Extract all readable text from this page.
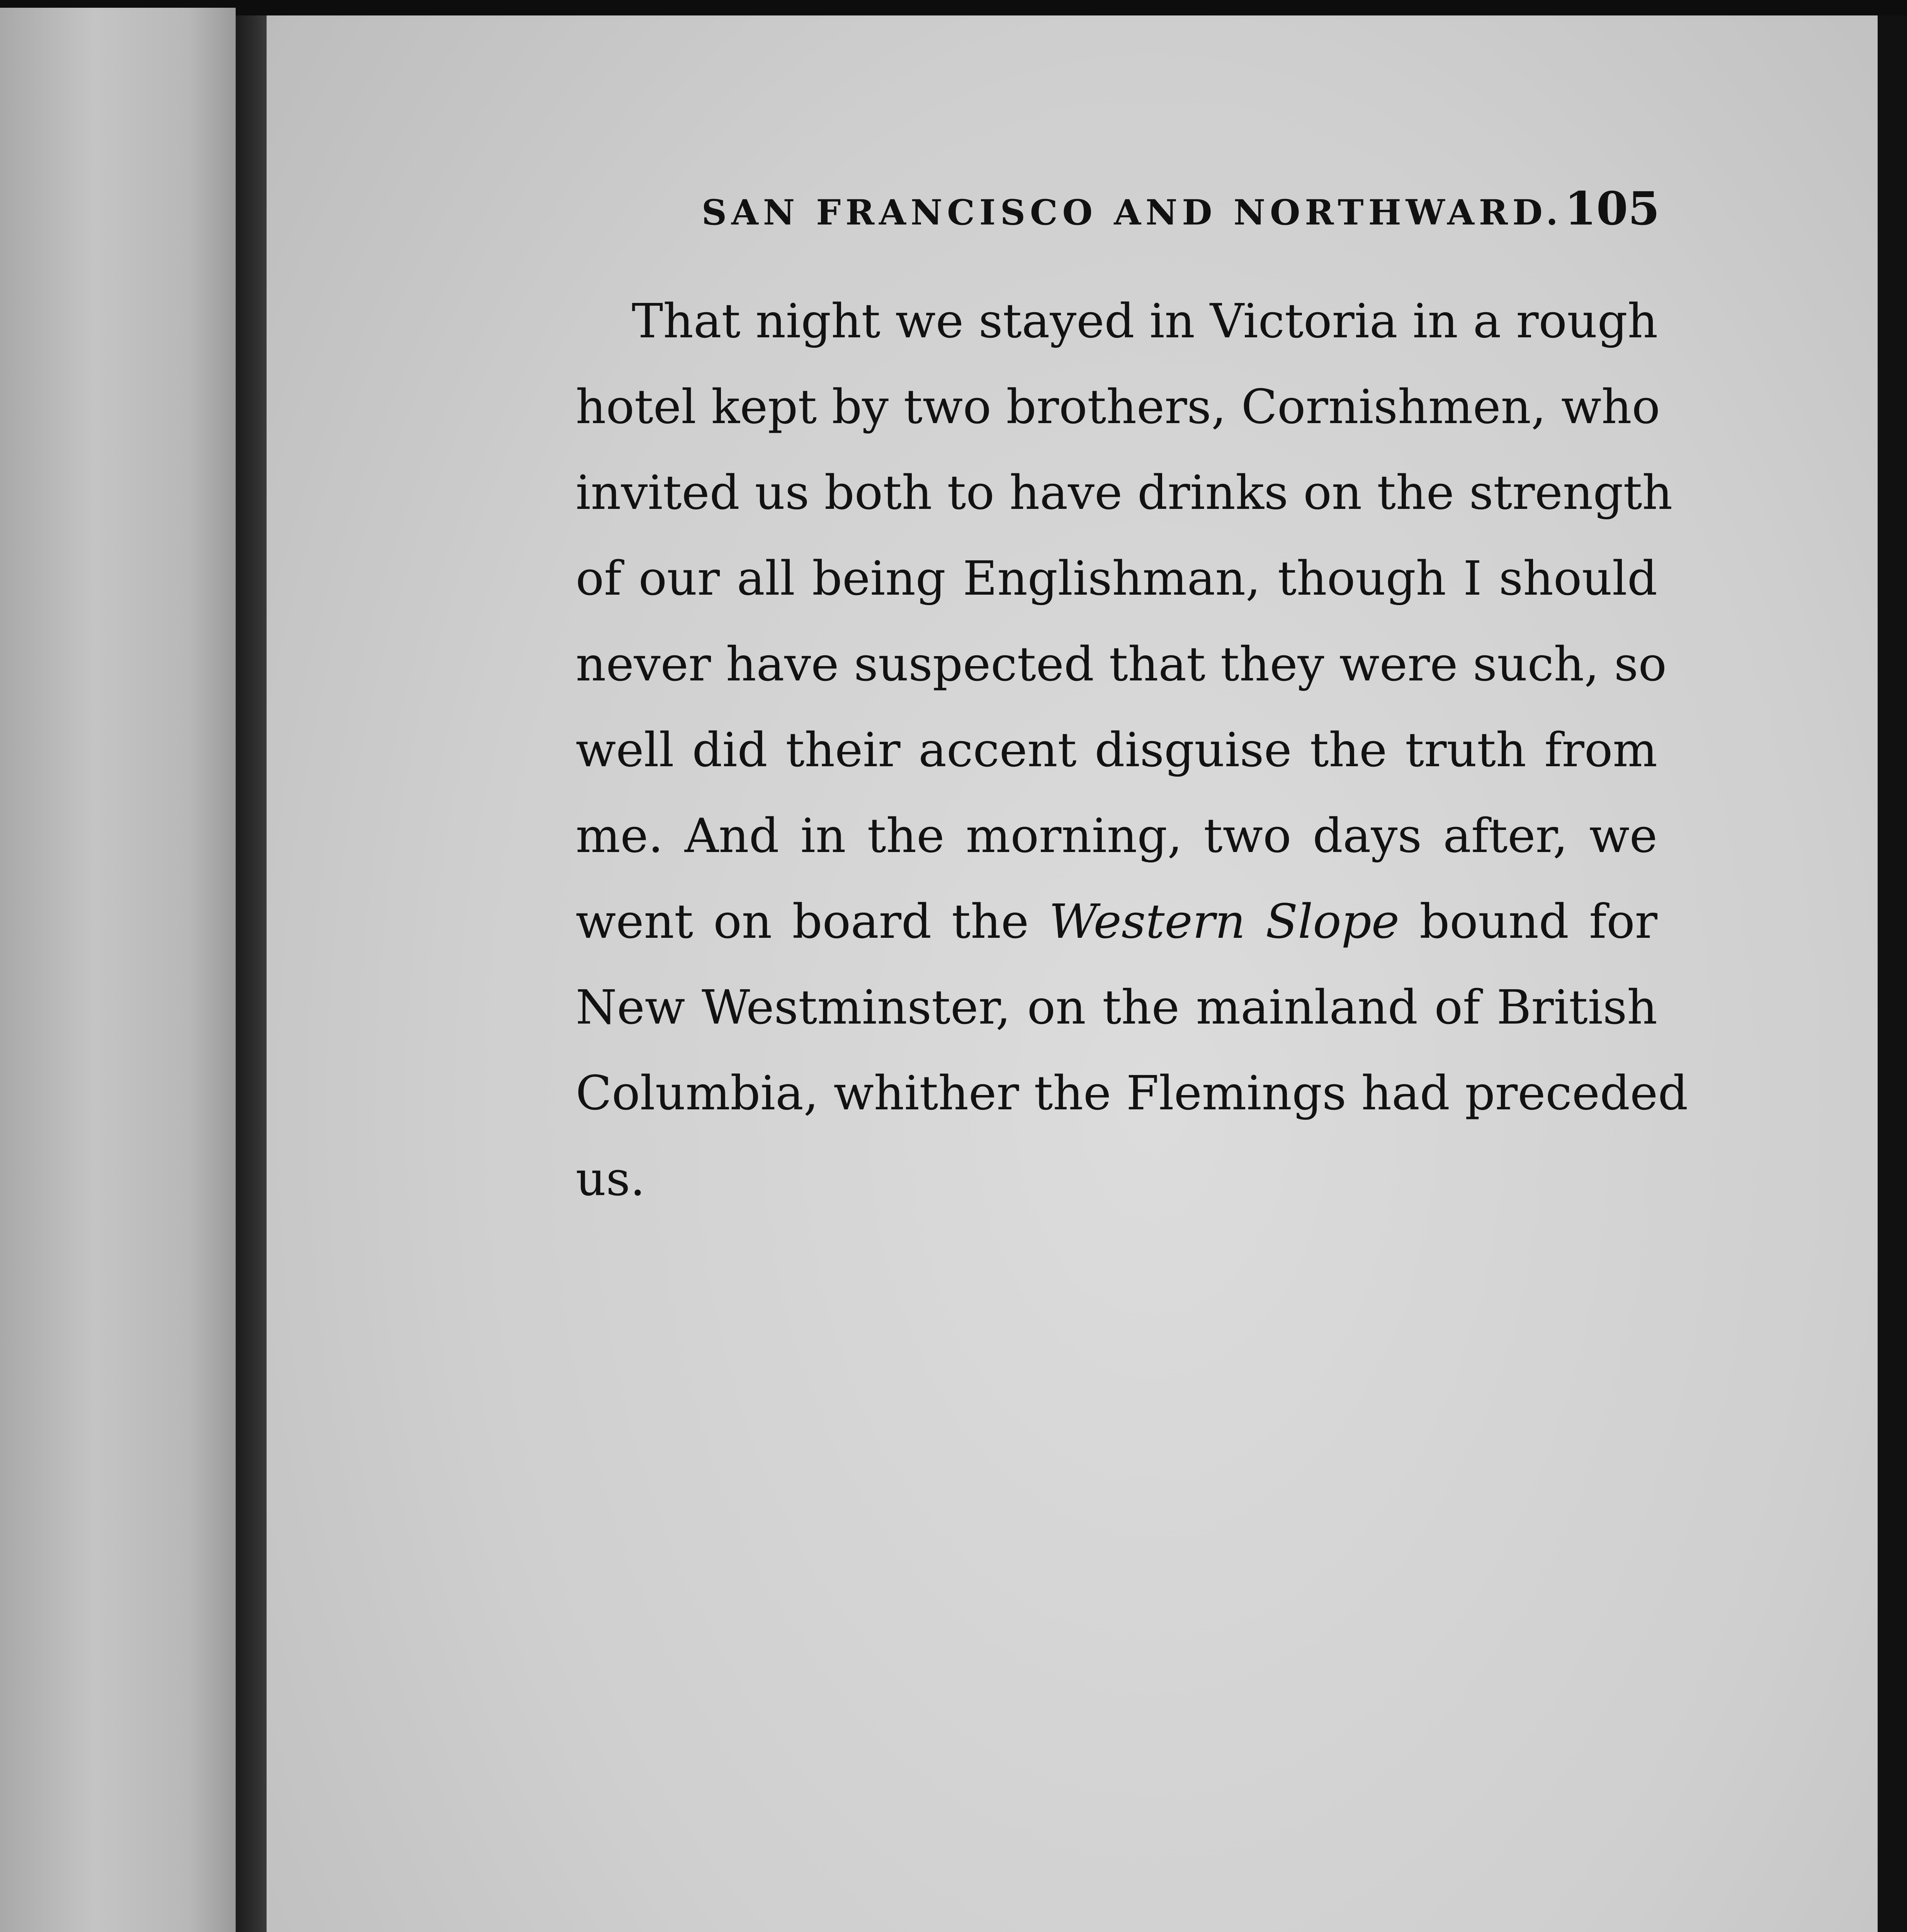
SAN FRANCISCO AND NORTHWARD. 105
That night we stayed in Victoria in a rough
hotel kept by two brothers, Cornishmen, who
invited us both to have drinks on the strength
of our all being Englishman, though I should
never have suspected that they were such, so
well did their accent disguise the truth from
me. And in the morning, two days after, we
went on board the Western Slope bound for
New Westminster, on the mainland of British
Columbia, whither the Flemings had preceded
us.
